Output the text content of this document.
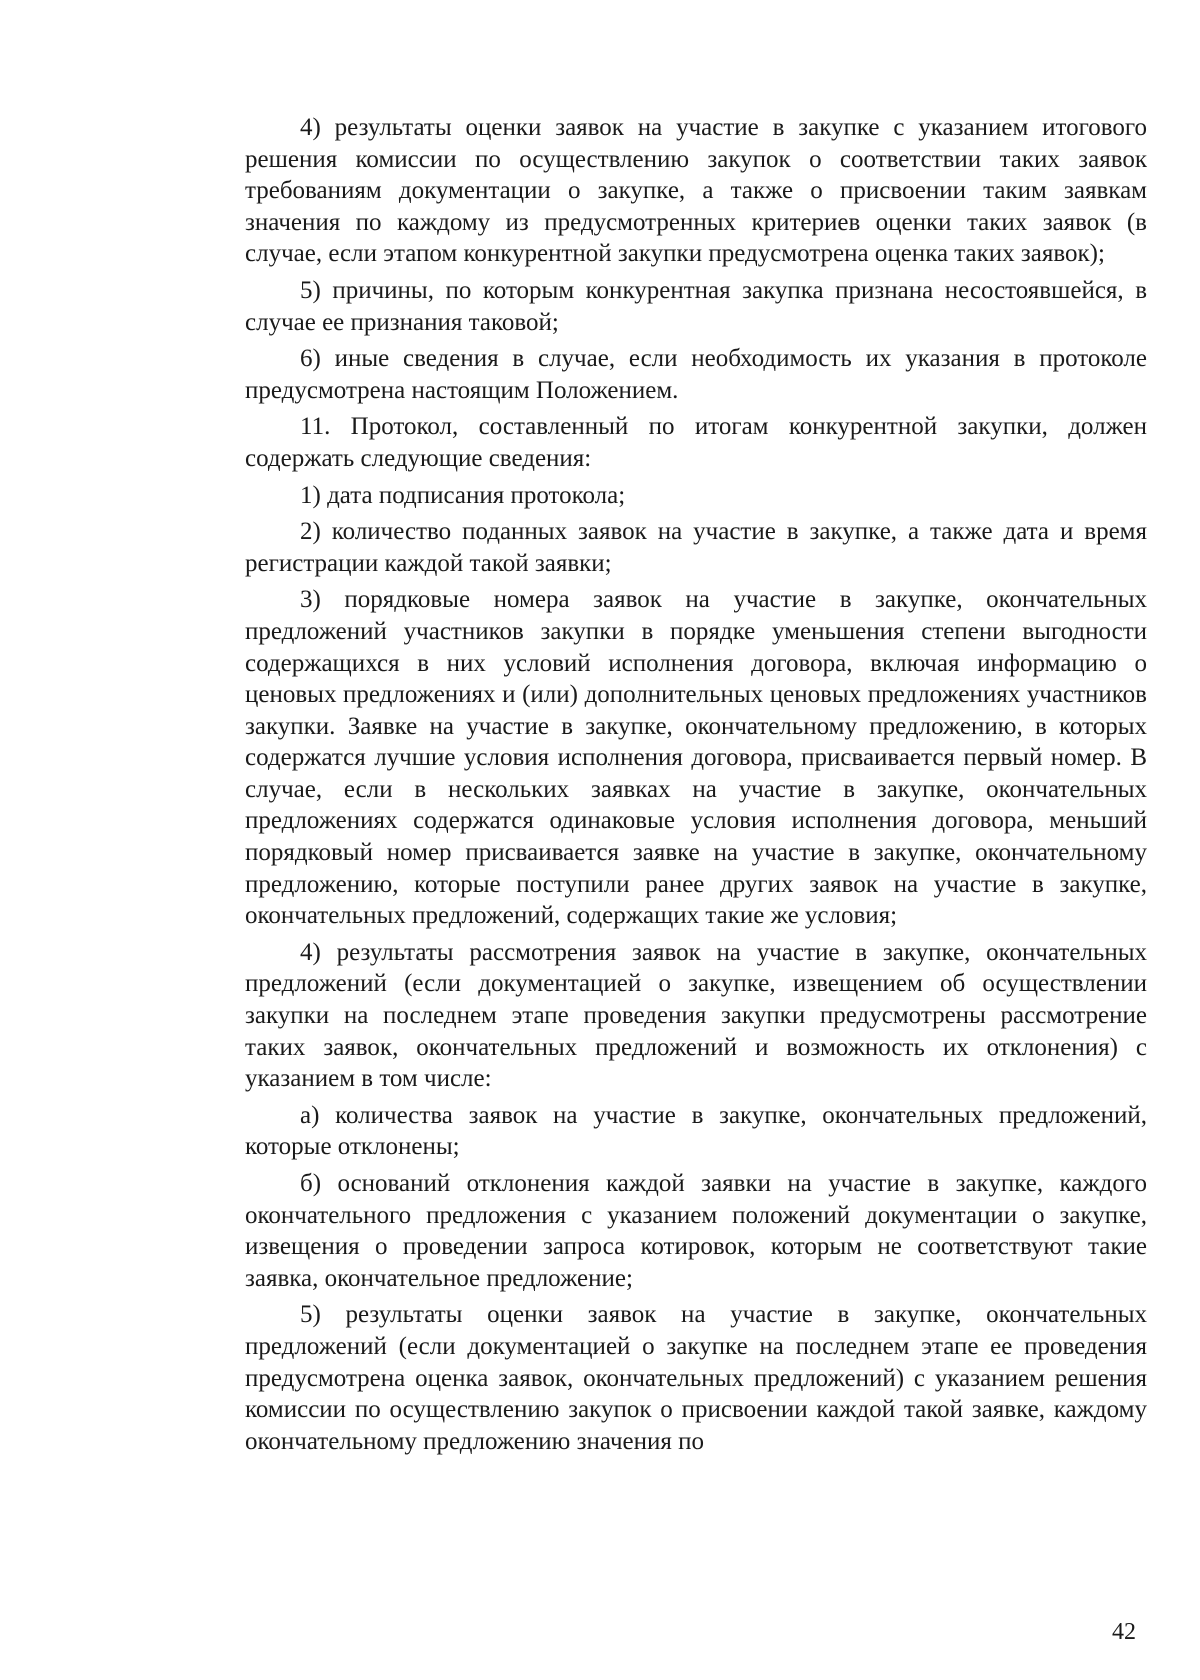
4) результаты оценки заявок на участие в закупке с указанием итогового решения комиссии по осуществлению закупок о соответствии таких заявок требованиям документации о закупке, а также о присвоении таким заявкам значения по каждому из предусмотренных критериев оценки таких заявок (в случае, если этапом конкурентной закупки предусмотрена оценка таких заявок);

5) причины, по которым конкурентная закупка признана несостоявшейся, в случае ее признания таковой;

6) иные сведения в случае, если необходимость их указания в протоколе предусмотрена настоящим Положением.

11. Протокол, составленный по итогам конкурентной закупки, должен содержать следующие сведения:

1) дата подписания протокола;

2) количество поданных заявок на участие в закупке, а также дата и время регистрации каждой такой заявки;

3) порядковые номера заявок на участие в закупке, окончательных предложений участников закупки в порядке уменьшения степени выгодности содержащихся в них условий исполнения договора, включая информацию о ценовых предложениях и (или) дополнительных ценовых предложениях участников закупки. Заявке на участие в закупке, окончательному предложению, в которых содержатся лучшие условия исполнения договора, присваивается первый номер. В случае, если в нескольких заявках на участие в закупке, окончательных предложениях содержатся одинаковые условия исполнения договора, меньший порядковый номер присваивается заявке на участие в закупке, окончательному предложению, которые поступили ранее других заявок на участие в закупке, окончательных предложений, содержащих такие же условия;

4) результаты рассмотрения заявок на участие в закупке, окончательных предложений (если документацией о закупке, извещением об осуществлении закупки на последнем этапе проведения закупки предусмотрены рассмотрение таких заявок, окончательных предложений и возможность их отклонения) с указанием в том числе:

а) количества заявок на участие в закупке, окончательных предложений, которые отклонены;

б) оснований отклонения каждой заявки на участие в закупке, каждого окончательного предложения с указанием положений документации о закупке, извещения о проведении запроса котировок, которым не соответствуют такие заявка, окончательное предложение;

5) результаты оценки заявок на участие в закупке, окончательных предложений (если документацией о закупке на последнем этапе ее проведения предусмотрена оценка заявок, окончательных предложений) с указанием решения комиссии по осуществлению закупок о присвоении каждой такой заявке, каждому окончательному предложению значения по

42
